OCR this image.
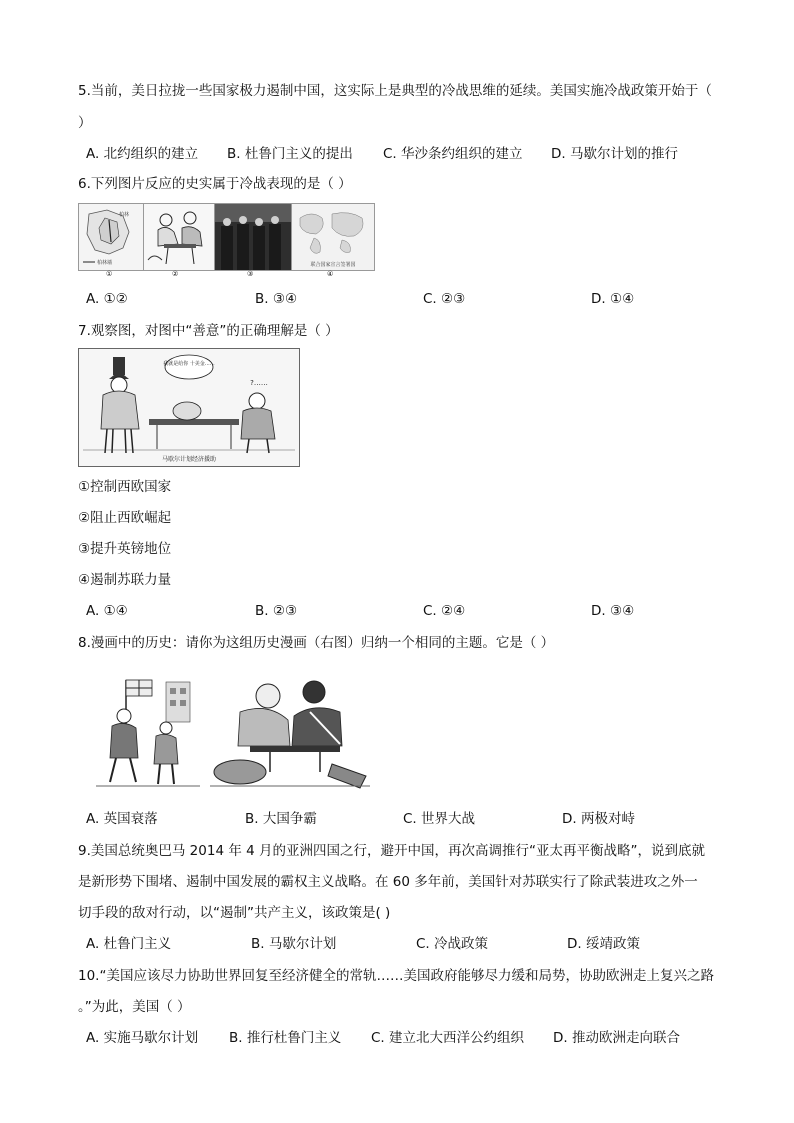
5.当前，美日拉拢一些国家极力遏制中国，这实际上是典型的冷战思维的延续。美国实施冷战政策开始于（
）
A. 北约组织的建立 B. 杜鲁门主义的提出 C. 华沙条约组织的建立 D. 马歇尔计划的推行
6.下列图片反应的史实属于冷战表现的是（ ）
柏林
柏林墙	联合国家宣言签署国
①	②	③	④
A. ①②	B. ③④	C. ②③	D. ①④
7.观察图，对图中“善意”的正确理解是（ ）
我就是给你 十美金……
?……
马歇尔计划经济援助
①控制西欧国家
②阻止西欧崛起
③提升英镑地位
④遏制苏联力量
A. ①④	B. ②③	C. ②④	D. ③④
8.漫画中的历史：请你为这组历史漫画（右图）归纳一个相同的主题。它是（ ）
A. 英国衰落	B. 大国争霸	C. 世界大战	D. 两极对峙
9.美国总统奥巴马 2014 年 4 月的亚洲四国之行，避开中国，再次高调推行“亚太再平衡战略”，说到底就
是新形势下围堵、遏制中国发展的霸权主义战略。在 60 多年前，美国针对苏联实行了除武装进攻之外一
切手段的敌对行动，以“遏制”共产主义，该政策是( )
A. 杜鲁门主义	B. 马歇尔计划	C. 冷战政策	D. 绥靖政策
10.“美国应该尽力协助世界回复至经济健全的常轨……美国政府能够尽力缓和局势，协助欧洲走上复兴之路
。”为此，美国（ ）
A. 实施马歇尔计划 B. 推行杜鲁门主义 C. 建立北大西洋公约组织 D. 推动欧洲走向联合
